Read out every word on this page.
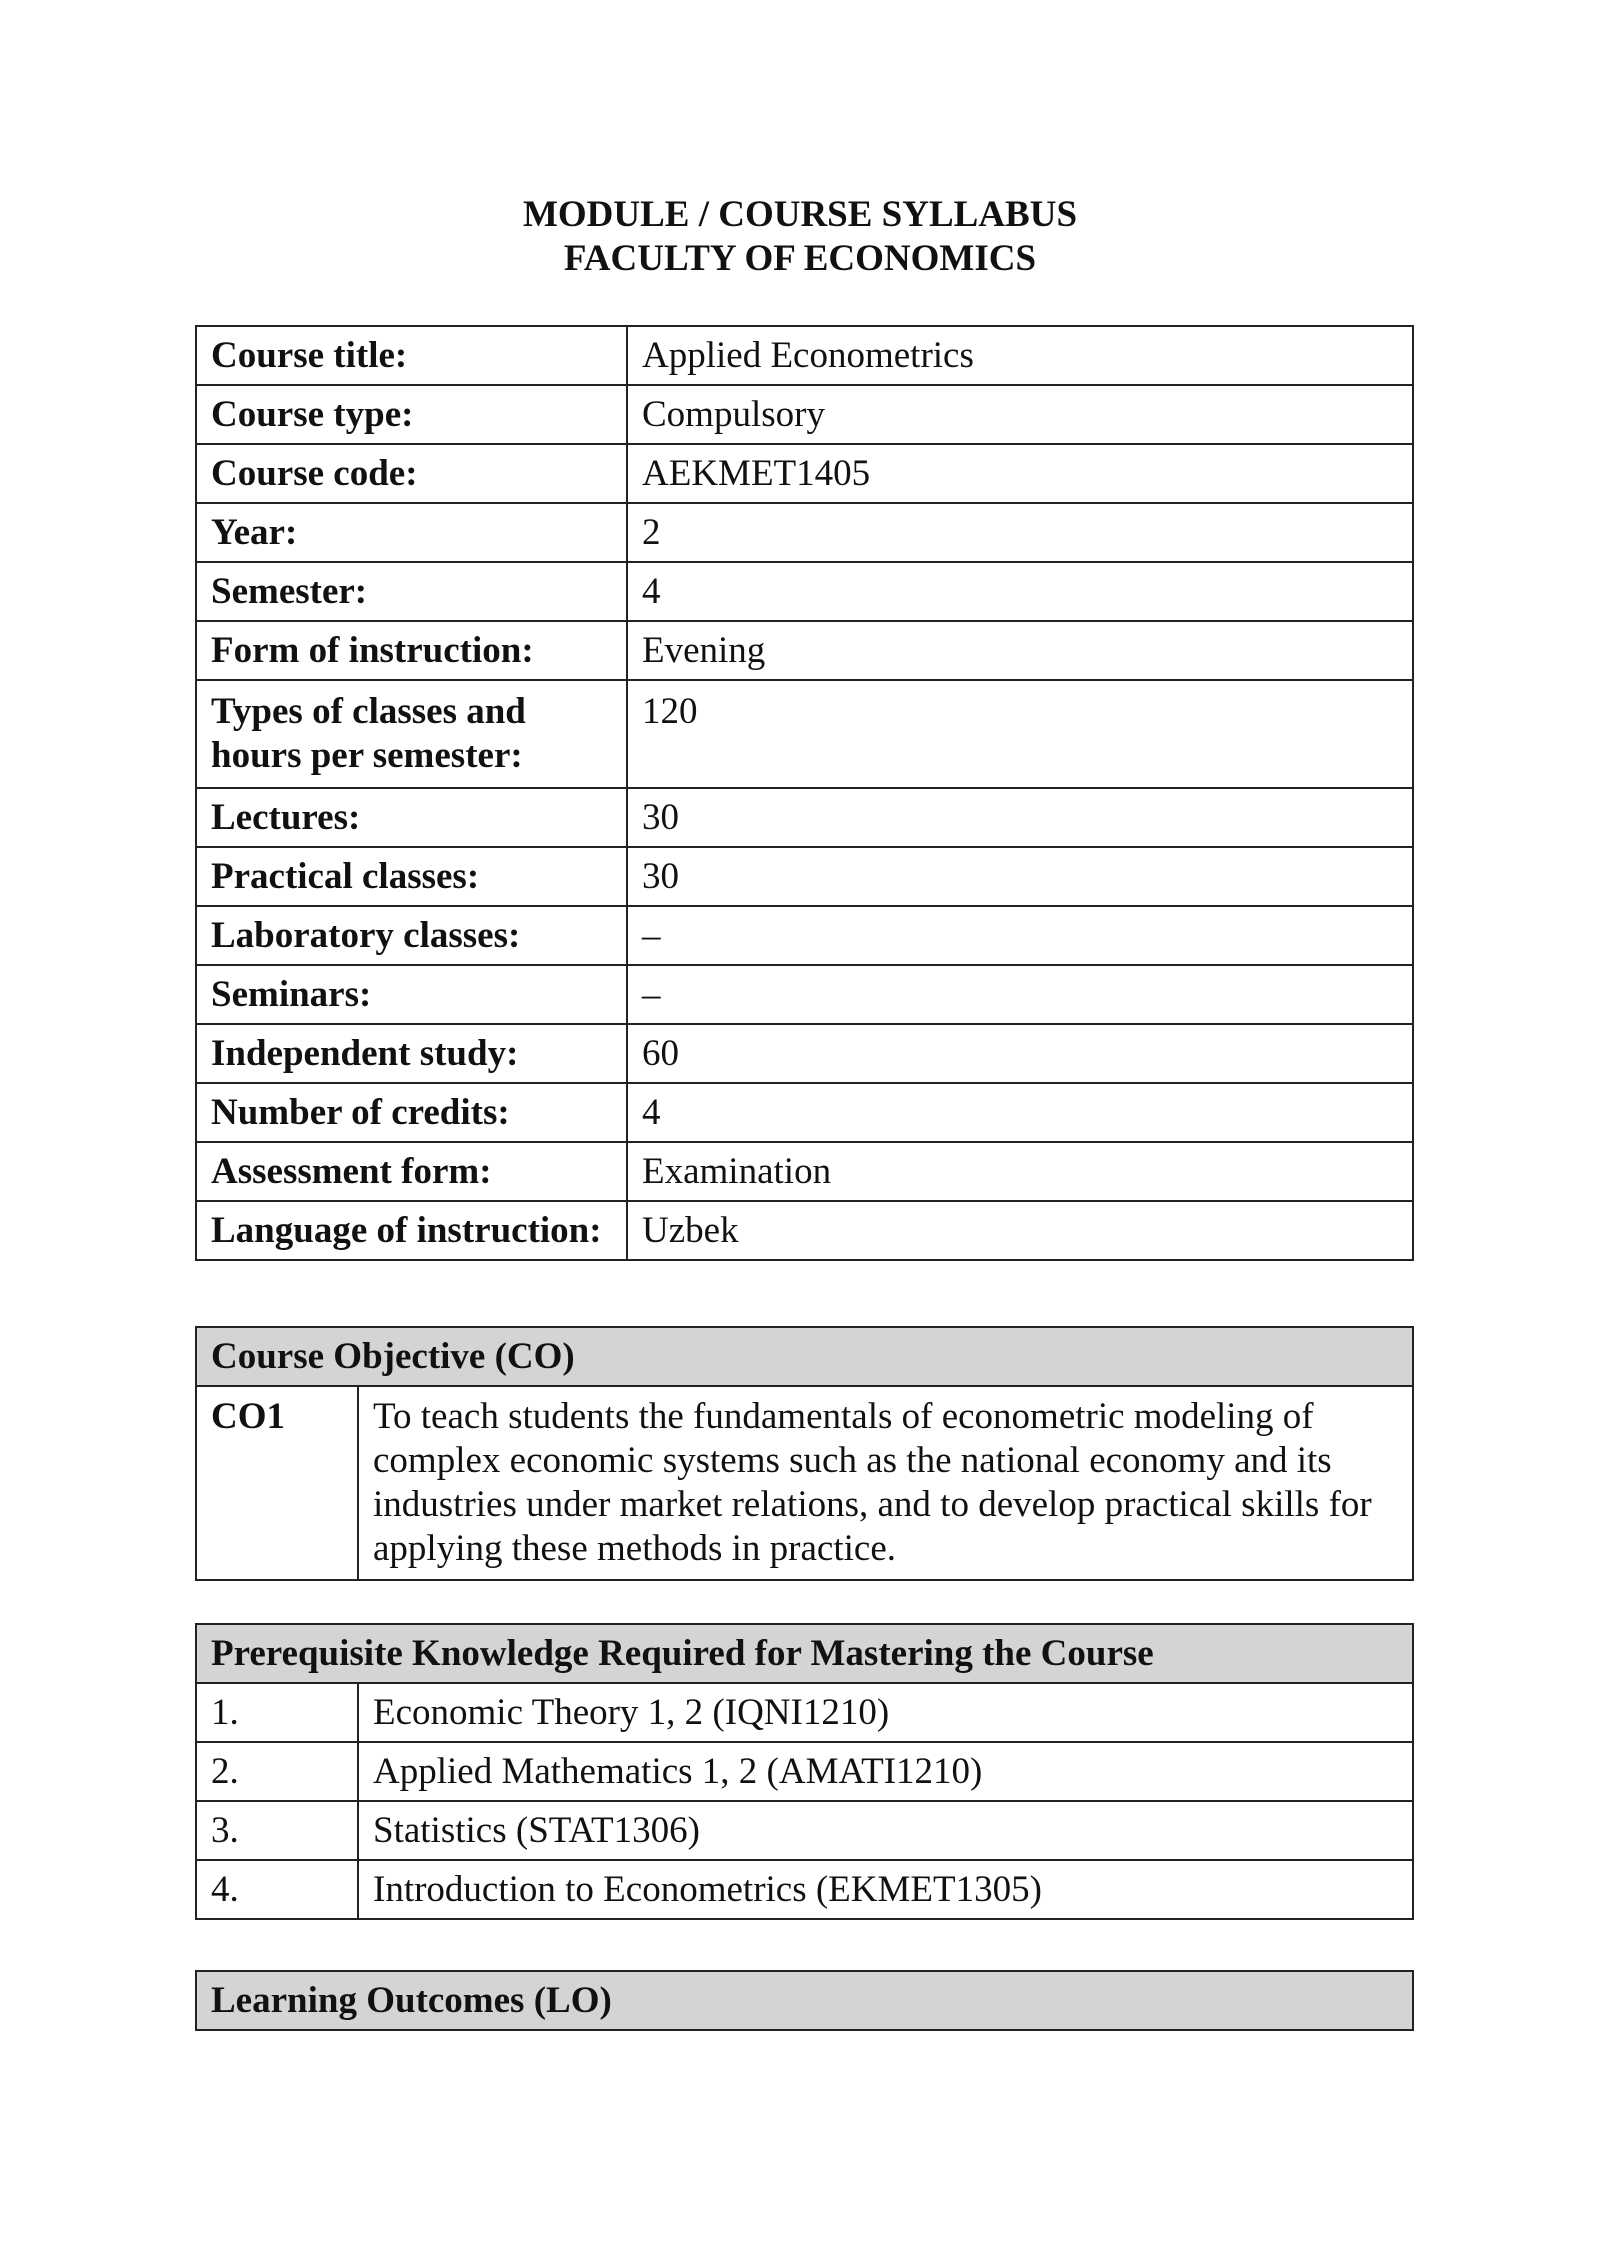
MODULE / COURSE SYLLABUS
FACULTY OF ECONOMICS
Course title:	Applied Econometrics
Course type:	Compulsory
Course code:	AEKMET1405
Year:	2
Semester:	4
Form of instruction:	Evening
Types of classes and hours per semester:	120
Lectures:	30
Practical classes:	30
Laboratory classes:	–
Seminars:	–
Independent study:	60
Number of credits:	4
Assessment form:	Examination
Language of instruction:	Uzbek
Course Objective (CO)
CO1	To teach students the fundamentals of econometric modeling of complex economic systems such as the national economy and its industries under market relations, and to develop practical skills for applying these methods in practice.
Prerequisite Knowledge Required for Mastering the Course	
1.	Economic Theory 1, 2 (IQNI1210)
2.	Applied Mathematics 1, 2 (AMATI1210)
3.	Statistics (STAT1306)
4.	Introduction to Econometrics (EKMET1305)
Learning Outcomes (LO)
